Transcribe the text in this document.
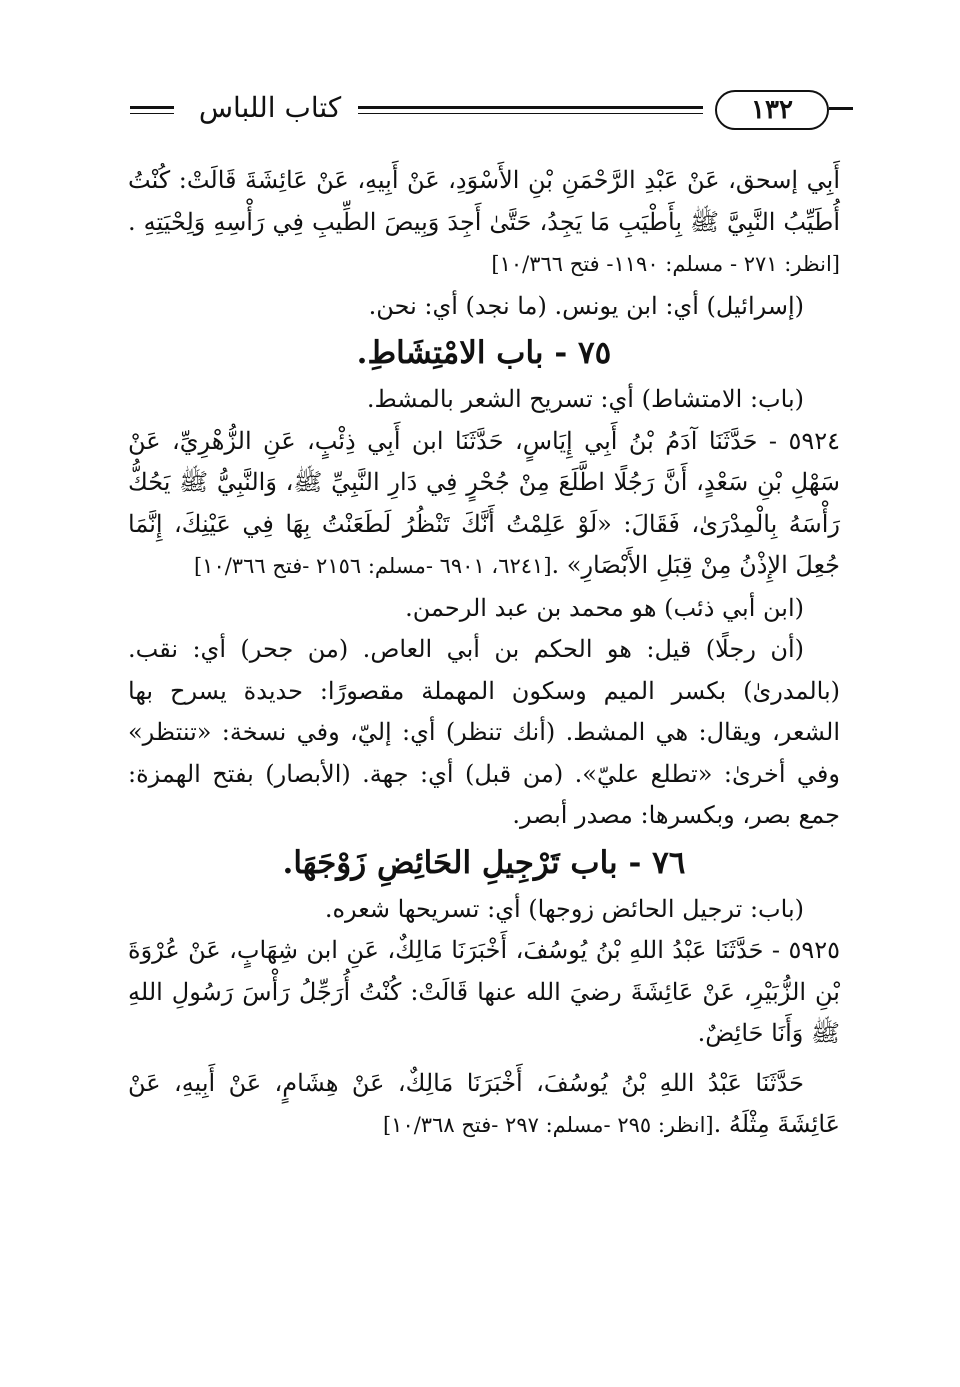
كتاب اللباس	١٣٢

أَبِي إسحق، عَنْ عَبْدِ الرَّحْمَنِ بْنِ الأَسْوَدِ، عَنْ أَبِيهِ، عَنْ عَائِشَةَ قَالَتْ: كُنْتُ أُطَيِّبُ النَّبِيَّ ﷺ بِأَطْيَبِ مَا يَجِدُ، حَتَّىٰ أَجِدَ وَبِيصَ الطِّيبِ فِي رَأْسِهِ وَلِحْيَتِهِ .[انظر: ٢٧١ - مسلم: ١١٩٠- فتح ١٠/٣٦٦]

(إسرائيل) أي: ابن يونس. (ما نجد) أي: نحن.

٧٥ - باب الامْتِشَاطِ.

(باب: الامتشاط) أي: تسريح الشعر بالمشط.

٥٩٢٤ - حَدَّثَنَا آدَمُ بْنُ أَبِي إِيَاسٍ، حَدَّثَنَا ابن أَبِي ذِئْبٍ، عَنِ الزُّهْرِيِّ، عَنْ سَهْلِ بْنِ سَعْدٍ، أَنَّ رَجُلًا اطَّلَعَ مِنْ جُحْرٍ فِي دَارِ النَّبِيِّ ﷺ، وَالنَّبِيُّ ﷺ يَحُكُّ رَأْسَهُ بِالْمِدْرَىٰ، فَقَالَ: «لَوْ عَلِمْتُ أَنَّكَ تَنْظُرُ لَطَعَنْتُ بِهَا فِي عَيْنِكَ، إِنَّمَا جُعِلَ الإِذْنُ مِنْ قِبَلِ الأَبْصَارِ» .[٦٢٤١، ٦٩٠١ -مسلم: ٢١٥٦ -فتح ١٠/٣٦٦]

(ابن أبي ذئب) هو محمد بن عبد الرحمن.

(أن رجلًا) قيل: هو الحكم بن أبي العاص. (من جحر) أي: نقب. (بالمدرىٰ) بكسر الميم وسكون المهملة مقصورًا: حديدة يسرح بها الشعر، ويقال: هي المشط. (أنك تنظر) أي: إليّ، وفي نسخة: «تنتظر» وفي أخرىٰ: «تطلع عليّ». (من قبل) أي: جهة. (الأبصار) بفتح الهمزة: جمع بصر، وبكسرها: مصدر أبصر.

٧٦ - باب تَرْجِيلِ الحَائِضِ زَوْجَهَا.

(باب: ترجيل الحائض زوجها) أي: تسريحها شعره.

٥٩٢٥ - حَدَّثَنَا عَبْدُ اللهِ بْنُ يُوسُفَ، أَخْبَرَنَا مَالِكٌ، عَنِ ابن شِهَابٍ، عَنْ عُرْوَةَ بْنِ الزُّبَيْرِ، عَنْ عَائِشَةَ رضيَ الله عنها قَالَتْ: كُنْتُ أُرَجِّلُ رَأْسَ رَسُولِ اللهِ ﷺ وَأَنَا حَائِضٌ.

حَدَّثَنَا عَبْدُ اللهِ بْنُ يُوسُفَ، أَخْبَرَنَا مَالِكٌ، عَنْ هِشَامٍ، عَنْ أَبِيهِ، عَنْ عَائِشَةَ مِثْلَهُ .[انظر: ٢٩٥ -مسلم: ٢٩٧ -فتح ١٠/٣٦٨]
